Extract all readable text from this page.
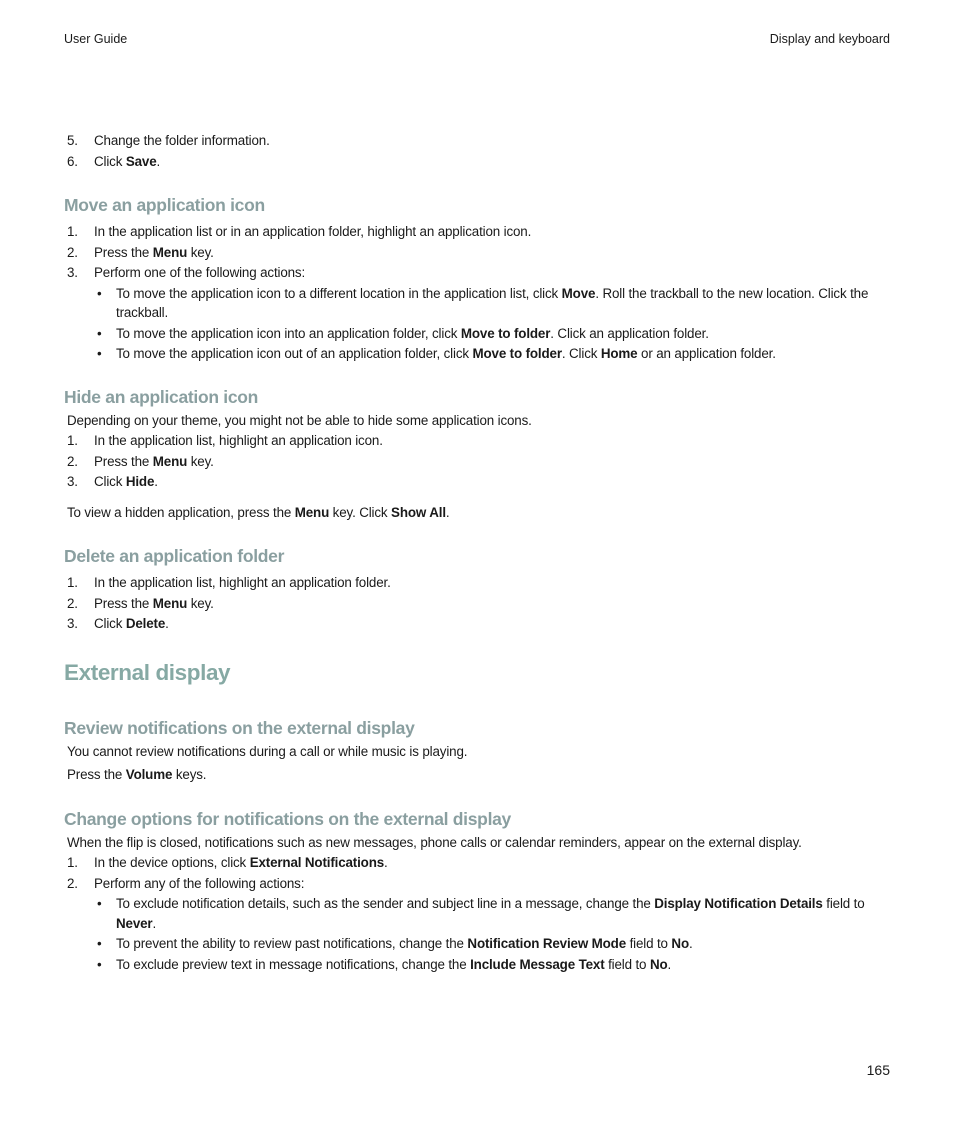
User Guide	Display and keyboard
5. Change the folder information.
6. Click Save.
Move an application icon
1. In the application list or in an application folder, highlight an application icon.
2. Press the Menu key.
3. Perform one of the following actions:
• To move the application icon to a different location in the application list, click Move. Roll the trackball to the new location. Click the trackball.
• To move the application icon into an application folder, click Move to folder. Click an application folder.
• To move the application icon out of an application folder, click Move to folder. Click Home or an application folder.
Hide an application icon

Depending on your theme, you might not be able to hide some application icons.

1. In the application list, highlight an application icon.
2. Press the Menu key.
3. Click Hide.

To view a hidden application, press the Menu key. Click Show All.

Delete an application folder
1. In the application list, highlight an application folder.
2. Press the Menu key.
3. Click Delete.
External display
Review notifications on the external display

You cannot review notifications during a call or while music is playing.

Press the Volume keys.

Change options for notifications on the external display

When the flip is closed, notifications such as new messages, phone calls or calendar reminders, appear on the external display.

1. In the device options, click External Notifications.
2. Perform any of the following actions:
• To exclude notification details, such as the sender and subject line in a message, change the Display Notification Details field to Never.
• To prevent the ability to review past notifications, change the Notification Review Mode field to No.
• To exclude preview text in message notifications, change the Include Message Text field to No.
165
